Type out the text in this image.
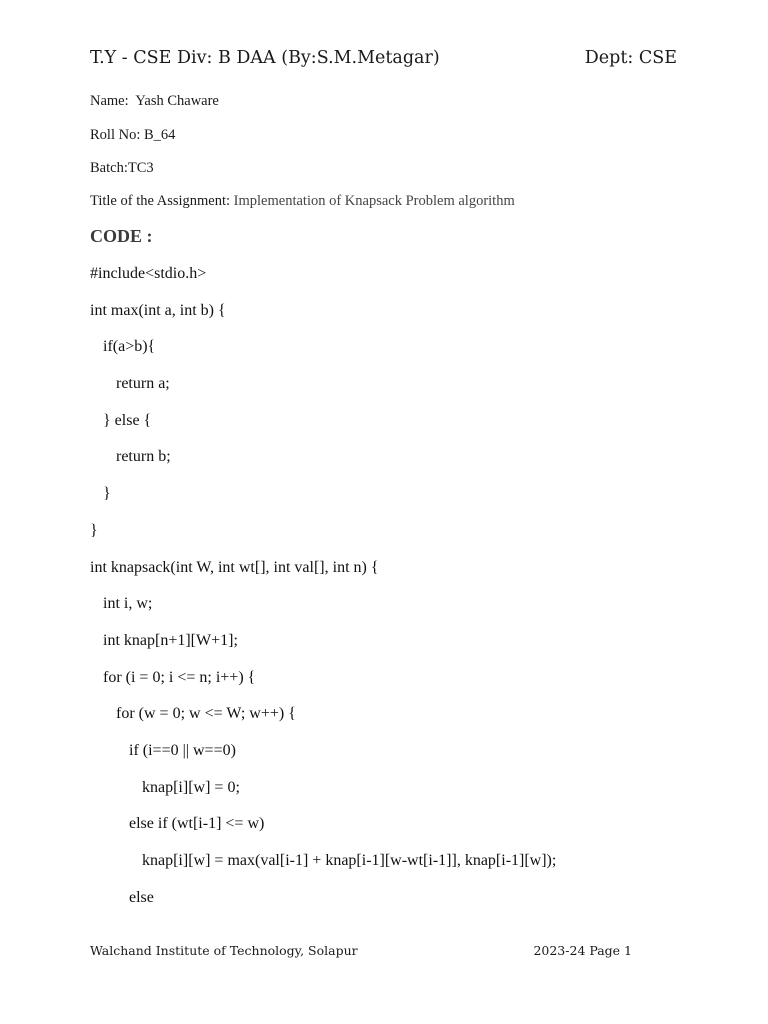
T.Y - CSE Div: B DAA (By:S.M.Metagar)	Dept: CSE
Name:  Yash Chaware
Roll No: B_64
Batch:TC3
Title of the Assignment: Implementation of Knapsack Problem algorithm
CODE :
#include<stdio.h>
int max(int a, int b) {
if(a>b){
return a;
} else {
return b;
}
}
int knapsack(int W, int wt[], int val[], int n) {
int i, w;
int knap[n+1][W+1];
for (i = 0; i <= n; i++) {
for (w = 0; w <= W; w++) {
if (i==0 || w==0)
knap[i][w] = 0;
else if (wt[i-1] <= w)
knap[i][w] = max(val[i-1] + knap[i-1][w-wt[i-1]], knap[i-1][w]);
else
Walchand Institute of Technology, Solapur	2023-24 Page 1
